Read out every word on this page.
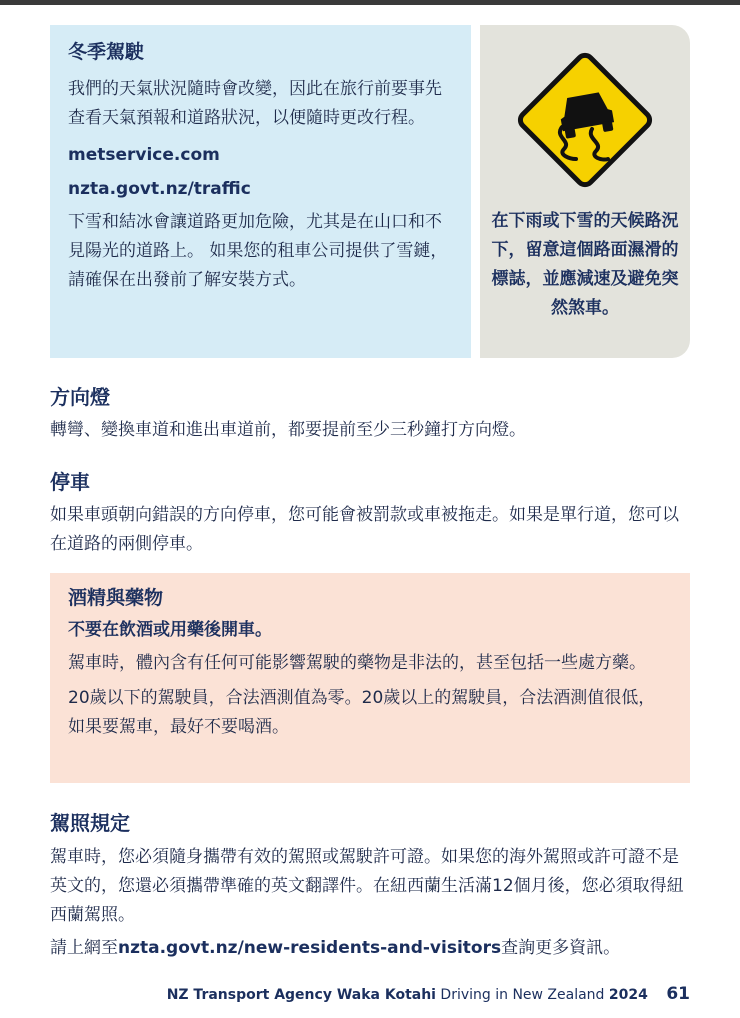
冬季駕駛

我們的天氣狀況隨時會改變，因此在旅行前要事先查看天氣預報和道路狀況，以便隨時更改行程。

metservice.com
nzta.govt.nz/traffic

下雪和結冰會讓道路更加危險，尤其是在山口和不見陽光的道路上。 如果您的租車公司提供了雪鏈，請確保在出發前了解安裝方式。

在下雨或下雪的天候路況下，留意這個路面濕滑的標誌，並應減速及避免突然煞車。
方向燈

轉彎、變換車道和進出車道前，都要提前至少三秒鐘打方向燈。

停車

如果車頭朝向錯誤的方向停車，您可能會被罰款或車被拖走。如果是單行道，您可以在道路的兩側停車。

酒精與藥物
不要在飲酒或用藥後開車。

駕車時，體內含有任何可能影響駕駛的藥物是非法的，甚至包括一些處方藥。

20歲以下的駕駛員，合法酒測值為零。20歲以上的駕駛員，合法酒測值很低，如果要駕車，最好不要喝酒。

駕照規定

駕車時，您必須隨身攜帶有效的駕照或駕駛許可證。如果您的海外駕照或許可證不是英文的，您還必須攜帶準確的英文翻譯件。在紐西蘭生活滿12個月後，您必須取得紐西蘭駕照。

請上網至nzta.govt.nz/new-residents-and-visitors查詢更多資訊。

NZ Transport Agency Waka Kotahi Driving in New Zealand 2024 61
